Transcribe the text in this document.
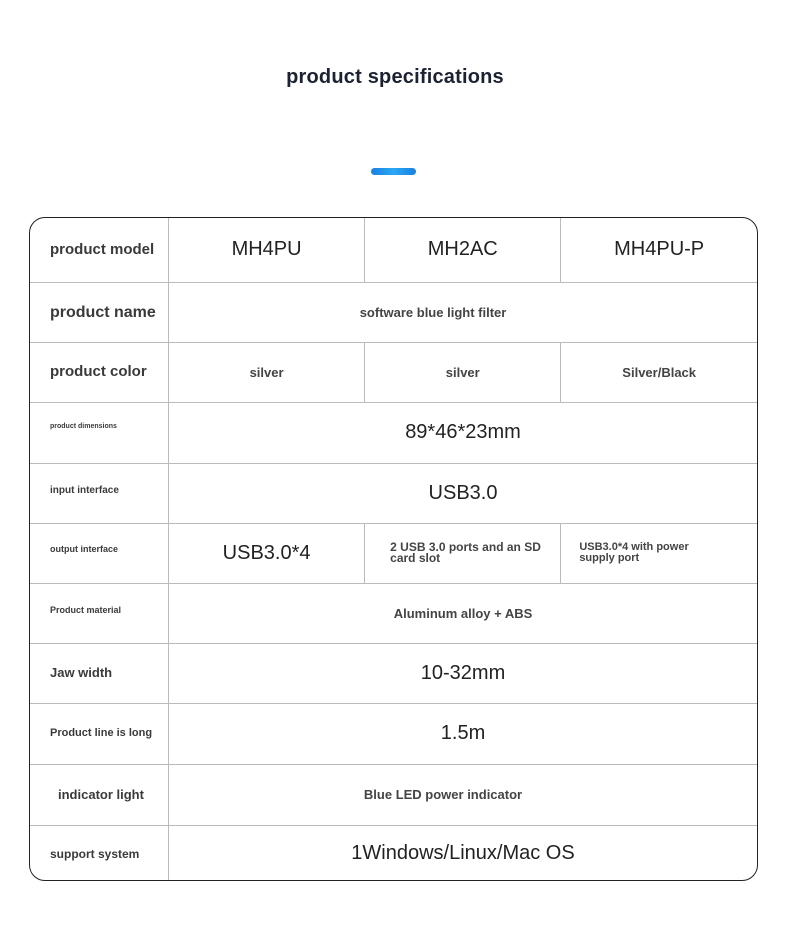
product specifications
product model	MH4PU	MH2AC	MH4PU-P
product name	software blue light filter		
product color	silver	silver	Silver/Black
product dimensions	89*46*23mm		
input interface	USB3.0		
output interface	USB3.0*4	2 USB 3.0 ports and an SD card slot	USB3.0*4 with power supply port
Product material	Aluminum alloy + ABS		
Jaw width	10-32mm		
Product line is long	1.5m		
indicator light	Blue LED power indicator		
support system	1Windows/Linux/Mac OS		
